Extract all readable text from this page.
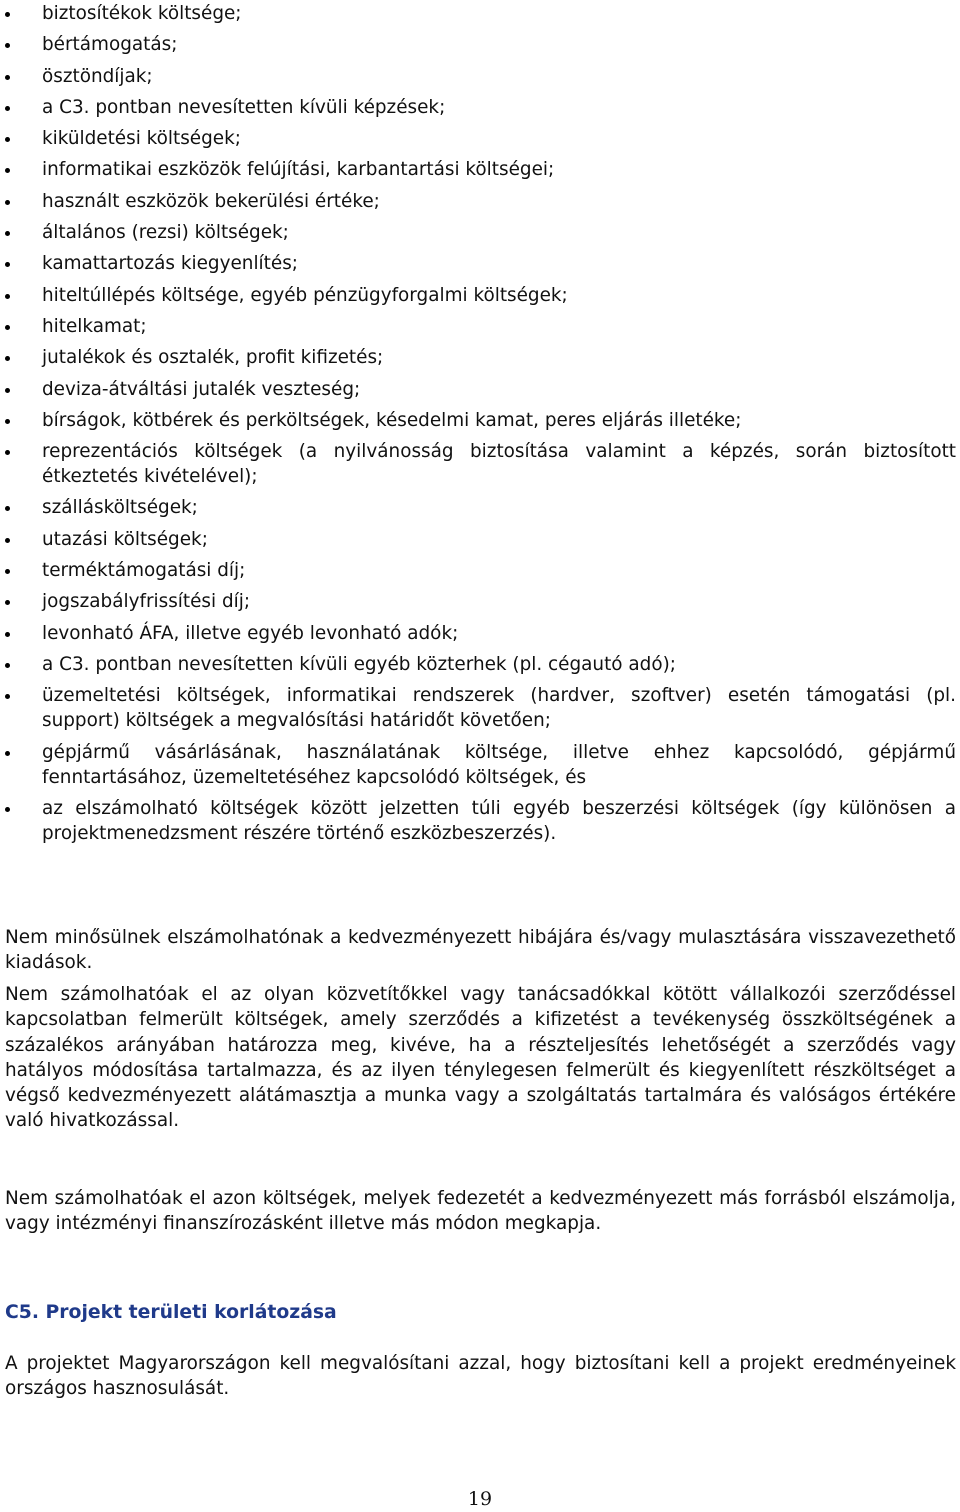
biztosítékok költsége;
bértámogatás;
ösztöndíjak;
a C3. pontban nevesítetten kívüli képzések;
kiküldetési költségek;
informatikai eszközök felújítási, karbantartási költségei;
használt eszközök bekerülési értéke;
általános (rezsi) költségek;
kamattartozás kiegyenlítés;
hiteltúllépés költsége, egyéb pénzügyforgalmi költségek;
hitelkamat;
jutalékok és osztalék, profit kifizetés;
deviza-átváltási jutalék veszteség;
bírságok, kötbérek és perköltségek, késedelmi kamat, peres eljárás illetéke;
reprezentációs költségek (a nyilvánosság biztosítása valamint a képzés, során biztosított étkeztetés kivételével);
szállásköltségek;
utazási költségek;
terméktámogatási díj;
jogszabályfrissítési díj;
levonható ÁFA, illetve egyéb levonható adók;
a C3. pontban nevesítetten kívüli egyéb közterhek (pl. cégautó adó);
üzemeltetési költségek, informatikai rendszerek (hardver, szoftver) esetén támogatási (pl. support) költségek a megvalósítási határidőt követően;
gépjármű vásárlásának, használatának költsége, illetve ehhez kapcsolódó, gépjármű fenntartásához, üzemeltetéséhez kapcsolódó költségek, és
az elszámolható költségek között jelzetten túli egyéb beszerzési költségek (így különösen a projektmenedzsment részére történő eszközbeszerzés).

Nem minősülnek elszámolhatónak a kedvezményezett hibájára és/vagy mulasztására visszavezethető kiadások.

Nem számolhatóak el az olyan közvetítőkkel vagy tanácsadókkal kötött vállalkozói szerződéssel kapcsolatban felmerült költségek, amely szerződés a kifizetést a tevékenység összköltségének a százalékos arányában határozza meg, kivéve, ha a részteljesítés lehetőségét a szerződés vagy hatályos módosítása tartalmazza, és az ilyen ténylegesen felmerült és kiegyenlített részköltséget a végső kedvezményezett alátámasztja a munka vagy a szolgáltatás tartalmára és valóságos értékére való hivatkozással.

Nem számolhatóak el azon költségek, melyek fedezetét a kedvezményezett más forrásból elszámolja, vagy intézményi finanszírozásként illetve más módon megkapja.

C5. Projekt területi korlátozása

A projektet Magyarországon kell megvalósítani azzal, hogy biztosítani kell a projekt eredményeinek országos hasznosulását.

19
